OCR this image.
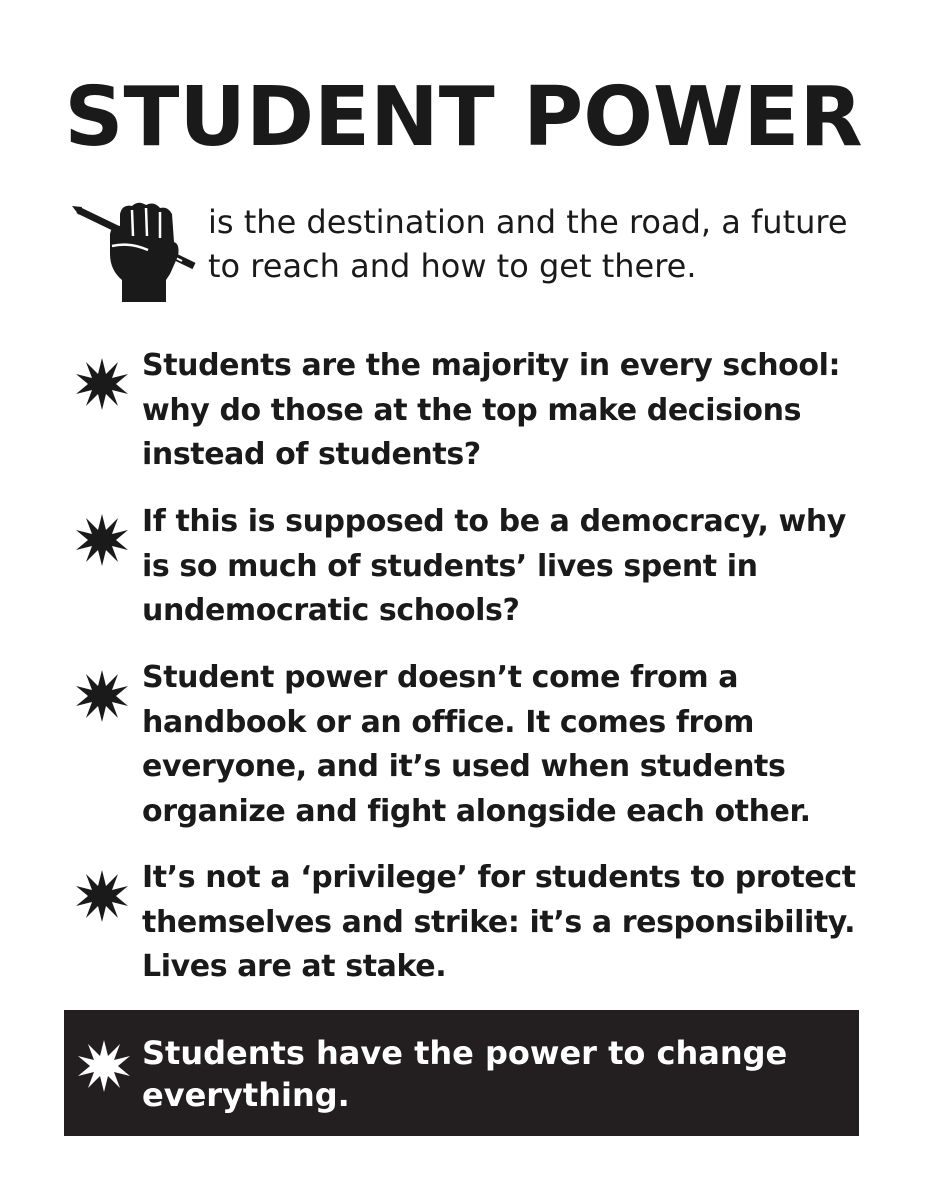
STUDENT POWER

is the destination and the road, a future to reach and how to get there.

Students are the majority in every school: why do those at the top make decisions instead of students?

If this is supposed to be a democracy, why is so much of students’ lives spent in undemocratic schools?

Student power doesn’t come from a handbook or an office. It comes from everyone, and it’s used when students organize and fight alongside each other.

It’s not a ‘privilege’ for students to protect themselves and strike: it’s a responsibility. Lives are at stake.

Students have the power to change everything.
